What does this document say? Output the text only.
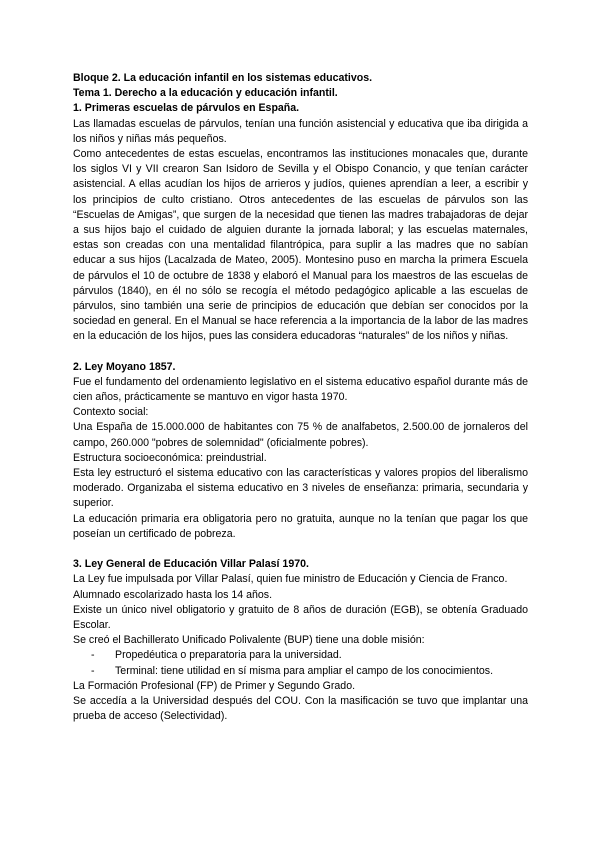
Bloque 2. La educación infantil en los sistemas educativos.

Tema 1. Derecho a la educación y educación infantil.

1. Primeras escuelas de párvulos en España.

Las llamadas escuelas de párvulos, tenían una función asistencial y educativa que iba dirigida a los niños y niñas más pequeños.

Como antecedentes de estas escuelas, encontramos las instituciones monacales que, durante los siglos VI y VII crearon San Isidoro de Sevilla y el Obispo Conancio, y que tenían carácter asistencial. A ellas acudían los hijos de arrieros y judíos, quienes aprendían a leer, a escribir y los principios de culto cristiano. Otros antecedentes de las escuelas de párvulos son las “Escuelas de Amigas”, que surgen de la necesidad que tienen las madres trabajadoras de dejar a sus hijos bajo el cuidado de alguien durante la jornada laboral; y las escuelas maternales, estas son creadas con una mentalidad filantrópica, para suplir a las madres que no sabían educar a sus hijos (Lacalzada de Mateo, 2005). Montesino puso en marcha la primera Escuela de párvulos el 10 de octubre de 1838 y elaboró el Manual para los maestros de las escuelas de párvulos (1840), en él no sólo se recogía el método pedagógico aplicable a las escuelas de párvulos, sino también una serie de principios de educación que debían ser conocidos por la sociedad en general. En el Manual se hace referencia a la importancia de la labor de las madres en la educación de los hijos, pues las considera educadoras “naturales” de los niños y niñas.

2. Ley Moyano 1857.

Fue el fundamento del ordenamiento legislativo en el sistema educativo español durante más de cien años, prácticamente se mantuvo en vigor hasta 1970.

Contexto social:

Una España de 15.000.000 de habitantes con 75 % de analfabetos, 2.500.00 de jornaleros del campo, 260.000 "pobres de solemnidad" (oficialmente pobres).

Estructura socioeconómica: preindustrial.

Esta ley estructuró el sistema educativo con las características y valores propios del liberalismo moderado. Organizaba el sistema educativo en 3 niveles de enseñanza: primaria, secundaria y superior.

La educación primaria era obligatoria pero no gratuita, aunque no la tenían que pagar los que poseían un certificado de pobreza.

3. Ley General de Educación Villar Palasí 1970.

La Ley fue impulsada por Villar Palasí, quien fue ministro de Educación y Ciencia de Franco.

Alumnado escolarizado hasta los 14 años.

Existe un único nivel obligatorio y gratuito de 8 años de duración (EGB), se obtenía Graduado Escolar.

Se creó el Bachillerato Unificado Polivalente (BUP) tiene una doble misión:

- Propedéutica o preparatoria para la universidad.
- Terminal: tiene utilidad en sí misma para ampliar el campo de los conocimientos.

La Formación Profesional (FP) de Primer y Segundo Grado.

Se accedía a la Universidad después del COU. Con la masificación se tuvo que implantar una prueba de acceso (Selectividad).
